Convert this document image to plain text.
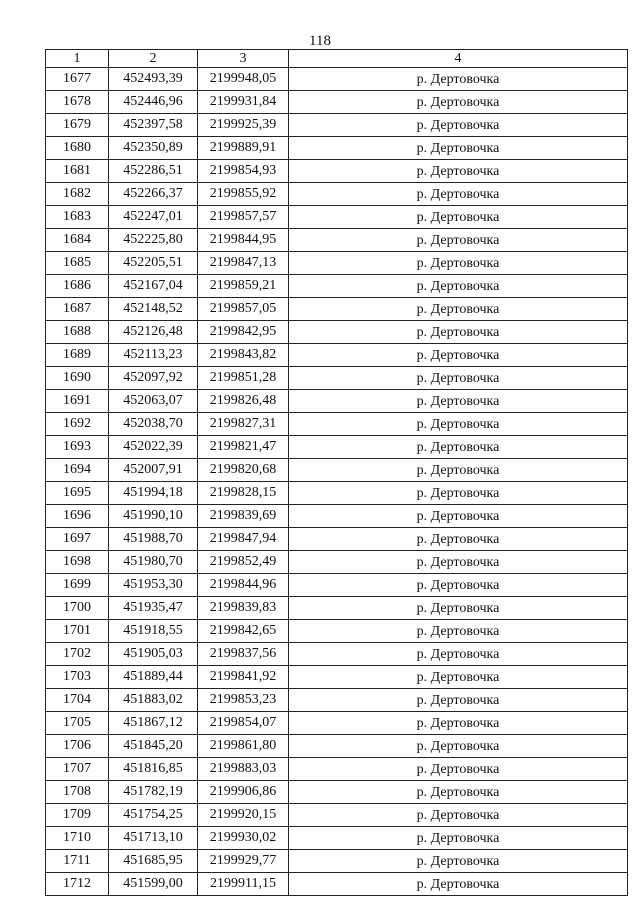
118
1	2	3	4
1677	452493,39	2199948,05	р. Дертовочка
1678	452446,96	2199931,84	р. Дертовочка
1679	452397,58	2199925,39	р. Дертовочка
1680	452350,89	2199889,91	р. Дертовочка
1681	452286,51	2199854,93	р. Дертовочка
1682	452266,37	2199855,92	р. Дертовочка
1683	452247,01	2199857,57	р. Дертовочка
1684	452225,80	2199844,95	р. Дертовочка
1685	452205,51	2199847,13	р. Дертовочка
1686	452167,04	2199859,21	р. Дертовочка
1687	452148,52	2199857,05	р. Дертовочка
1688	452126,48	2199842,95	р. Дертовочка
1689	452113,23	2199843,82	р. Дертовочка
1690	452097,92	2199851,28	р. Дертовочка
1691	452063,07	2199826,48	р. Дертовочка
1692	452038,70	2199827,31	р. Дертовочка
1693	452022,39	2199821,47	р. Дертовочка
1694	452007,91	2199820,68	р. Дертовочка
1695	451994,18	2199828,15	р. Дертовочка
1696	451990,10	2199839,69	р. Дертовочка
1697	451988,70	2199847,94	р. Дертовочка
1698	451980,70	2199852,49	р. Дертовочка
1699	451953,30	2199844,96	р. Дертовочка
1700	451935,47	2199839,83	р. Дертовочка
1701	451918,55	2199842,65	р. Дертовочка
1702	451905,03	2199837,56	р. Дертовочка
1703	451889,44	2199841,92	р. Дертовочка
1704	451883,02	2199853,23	р. Дертовочка
1705	451867,12	2199854,07	р. Дертовочка
1706	451845,20	2199861,80	р. Дертовочка
1707	451816,85	2199883,03	р. Дертовочка
1708	451782,19	2199906,86	р. Дертовочка
1709	451754,25	2199920,15	р. Дертовочка
1710	451713,10	2199930,02	р. Дертовочка
1711	451685,95	2199929,77	р. Дертовочка
1712	451599,00	2199911,15	р. Дертовочка
